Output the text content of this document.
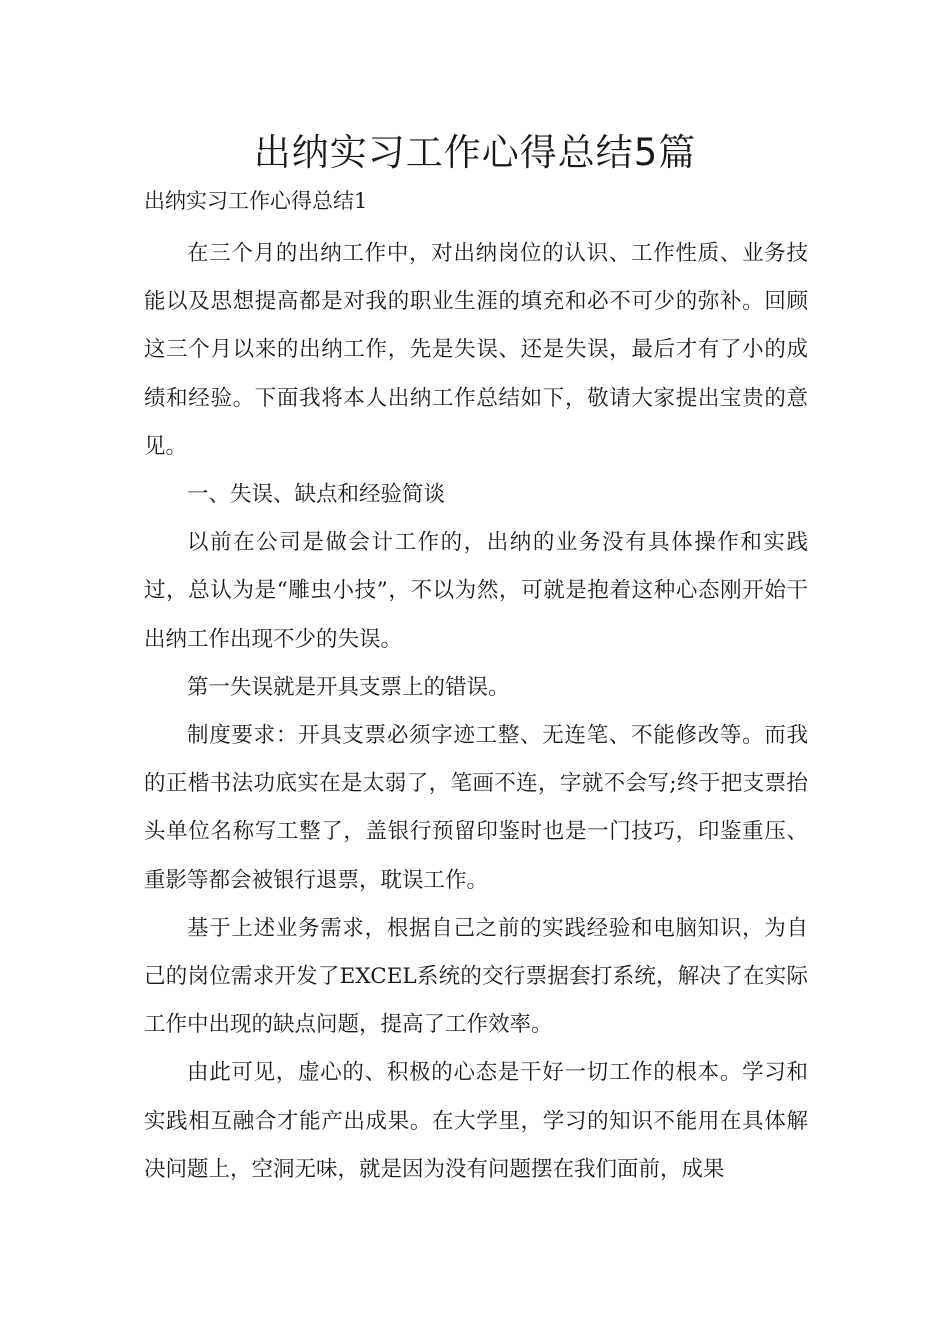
出纳实习工作心得总结5篇
出纳实习工作心得总结1

在三个月的出纳工作中，对出纳岗位的认识、工作性质、业务技能以及思想提高都是对我的职业生涯的填充和必不可少的弥补。回顾这三个月以来的出纳工作，先是失误、还是失误，最后才有了小的成绩和经验。下面我将本人出纳工作总结如下，敬请大家提出宝贵的意见。

一、失误、缺点和经验简谈

以前在公司是做会计工作的，出纳的业务没有具体操作和实践过，总认为是“雕虫小技”，不以为然，可就是抱着这种心态刚开始干出纳工作出现不少的失误。

第一失误就是开具支票上的错误。

制度要求：开具支票必须字迹工整、无连笔、不能修改等。而我的正楷书法功底实在是太弱了，笔画不连，字就不会写;终于把支票抬头单位名称写工整了，盖银行预留印鉴时也是一门技巧，印鉴重压、重影等都会被银行退票，耽误工作。

基于上述业务需求，根据自己之前的实践经验和电脑知识，为自己的岗位需求开发了EXCEL系统的交行票据套打系统，解决了在实际工作中出现的缺点问题，提高了工作效率。

由此可见，虚心的、积极的心态是干好一切工作的根本。学习和实践相互融合才能产出成果。在大学里，学习的知识不能用在具体解决问题上，空洞无味，就是因为没有问题摆在我们面前，成果
